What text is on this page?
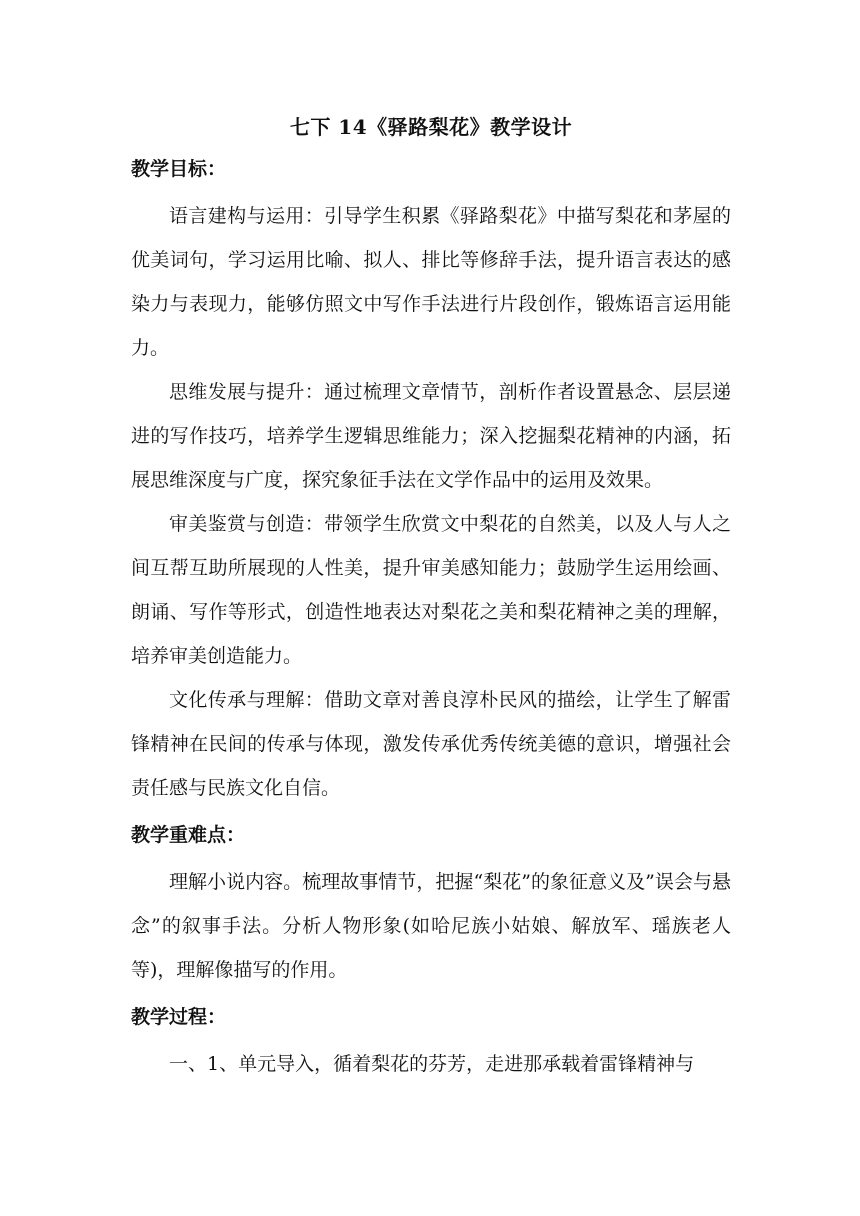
七下 14《驿路梨花》教学设计
教学目标：

语言建构与运用：引导学生积累《驿路梨花》中描写梨花和茅屋的优美词句，学习运用比喻、拟人、排比等修辞手法，提升语言表达的感染力与表现力，能够仿照文中写作手法进行片段创作，锻炼语言运用能力。

思维发展与提升：通过梳理文章情节，剖析作者设置悬念、层层递进的写作技巧，培养学生逻辑思维能力；深入挖掘梨花精神的内涵，拓展思维深度与广度，探究象征手法在文学作品中的运用及效果。

审美鉴赏与创造：带领学生欣赏文中梨花的自然美，以及人与人之间互帮互助所展现的人性美，提升审美感知能力；鼓励学生运用绘画、朗诵、写作等形式，创造性地表达对梨花之美和梨花精神之美的理解，培养审美创造能力。

文化传承与理解：借助文章对善良淳朴民风的描绘，让学生了解雷锋精神在民间的传承与体现，激发传承优秀传统美德的意识，增强社会责任感与民族文化自信。

教学重难点：

理解小说内容。梳理故事情节，把握“梨花”的象征意义及”误会与悬念”的叙事手法。分析人物形象(如哈尼族小姑娘、解放军、瑶族老人等)，理解像描写的作用。

教学过程：

一、1、单元导入，循着梨花的芬芳，走进那承载着雷锋精神与
